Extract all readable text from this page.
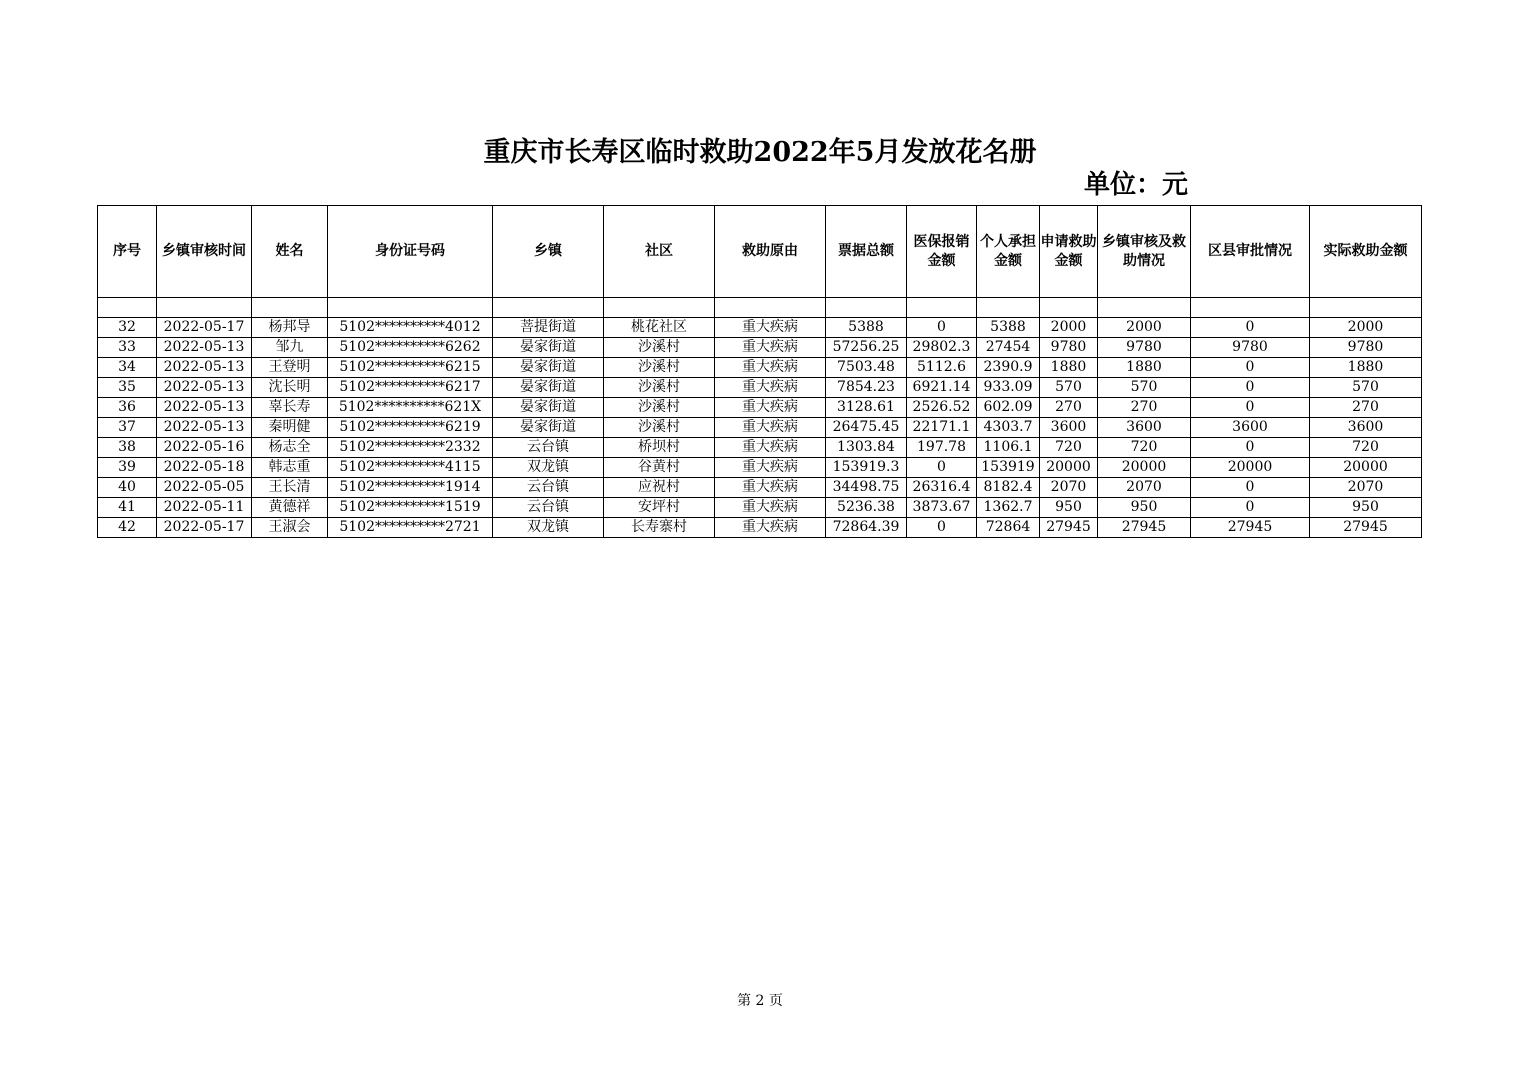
重庆市长寿区临时救助2022年5月发放花名册
单位：元
序号	乡镇审核时间	姓名	身份证号码	乡镇	社区	救助原由	票据总额	医保报销金额	个人承担金额	申请救助金额	乡镇审核及救助情况	区县审批情况	实际救助金额

32	2022-05-17	杨邦导	5102**********4012	菩提街道	桃花社区	重大疾病	5388	0	5388	2000	2000	0	2000
33	2022-05-13	邹九	5102**********6262	晏家街道	沙溪村	重大疾病	57256.25	29802.3	27454	9780	9780	9780	9780
34	2022-05-13	王登明	5102**********6215	晏家街道	沙溪村	重大疾病	7503.48	5112.6	2390.9	1880	1880	0	1880
35	2022-05-13	沈长明	5102**********6217	晏家街道	沙溪村	重大疾病	7854.23	6921.14	933.09	570	570	0	570
36	2022-05-13	辜长寿	5102**********621X	晏家街道	沙溪村	重大疾病	3128.61	2526.52	602.09	270	270	0	270
37	2022-05-13	秦明健	5102**********6219	晏家街道	沙溪村	重大疾病	26475.45	22171.1	4303.7	3600	3600	3600	3600
38	2022-05-16	杨志全	5102**********2332	云台镇	桥坝村	重大疾病	1303.84	197.78	1106.1	720	720	0	720
39	2022-05-18	韩志重	5102**********4115	双龙镇	谷黄村	重大疾病	153919.3	0	153919	20000	20000	20000	20000
40	2022-05-05	王长清	5102**********1914	云台镇	应祝村	重大疾病	34498.75	26316.4	8182.4	2070	2070	0	2070
41	2022-05-11	黄德祥	5102**********1519	云台镇	安坪村	重大疾病	5236.38	3873.67	1362.7	950	950	0	950
42	2022-05-17	王淑会	5102**********2721	双龙镇	长寿寨村	重大疾病	72864.39	0	72864	27945	27945	27945	27945
第 2 页
